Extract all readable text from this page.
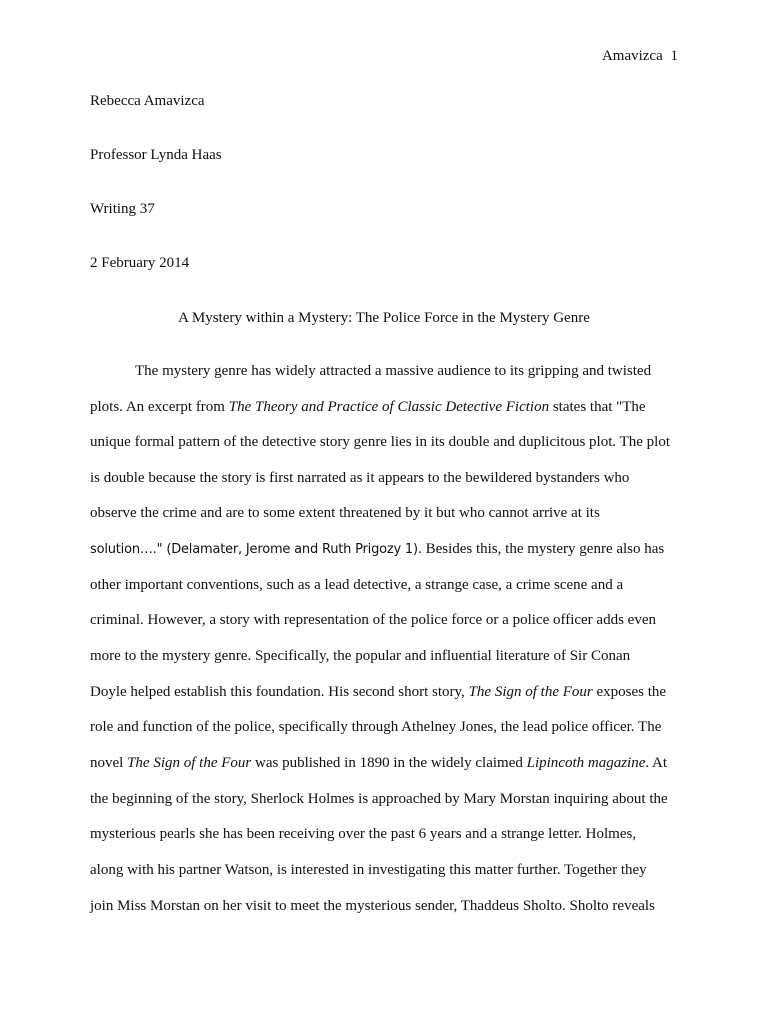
Amavizca 1
Rebecca Amavizca
Professor Lynda Haas
Writing 37
2 February 2014
A Mystery within a Mystery: The Police Force in the Mystery Genre
The mystery genre has widely attracted a massive audience to its gripping and twisted
plots. An excerpt from The Theory and Practice of Classic Detective Fiction states that "The
unique formal pattern of the detective story genre lies in its double and duplicitous plot. The plot
is double because the story is first narrated as it appears to the bewildered bystanders who
observe the crime and are to some extent threatened by it but who cannot arrive at its
solution…." (Delamater, Jerome and Ruth Prigozy 1). Besides this, the mystery genre also has
other important conventions, such as a lead detective, a strange case, a crime scene and a
criminal. However, a story with representation of the police force or a police officer adds even
more to the mystery genre. Specifically, the popular and influential literature of Sir Conan
Doyle helped establish this foundation. His second short story, The Sign of the Four exposes the
role and function of the police, specifically through Athelney Jones, the lead police officer. The
novel The Sign of the Four was published in 1890 in the widely claimed Lipincoth magazine. At
the beginning of the story, Sherlock Holmes is approached by Mary Morstan inquiring about the
mysterious pearls she has been receiving over the past 6 years and a strange letter. Holmes,
along with his partner Watson, is interested in investigating this matter further. Together they
join Miss Morstan on her visit to meet the mysterious sender, Thaddeus Sholto. Sholto reveals
